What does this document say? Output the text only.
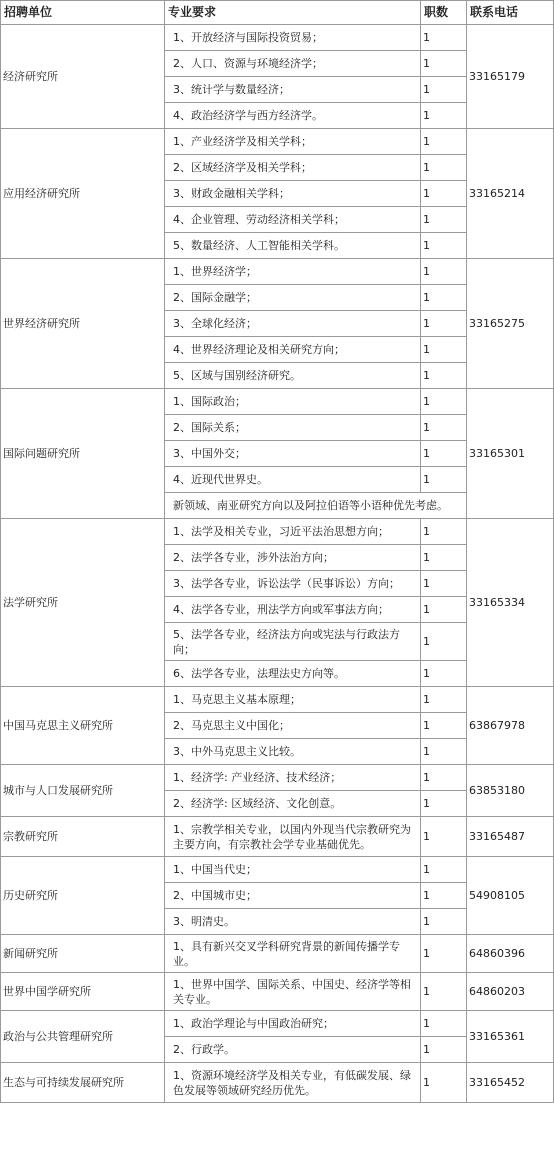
招聘单位	专业要求	职数	联系电话
经济研究所	1、开放经济与国际投资贸易；	1	33165179
	2、人口、资源与环境经济学；	1	
	3、统计学与数量经济；	1	
	4、政治经济学与西方经济学。	1	
应用经济研究所	1、产业经济学及相关学科；	1	33165214
	2、区域经济学及相关学科；	1	
	3、财政金融相关学科；	1	
	4、企业管理、劳动经济相关学科；	1	
	5、数量经济、人工智能相关学科。	1	
世界经济研究所	1、世界经济学；	1	33165275
	2、国际金融学；	1	
	3、全球化经济；	1	
	4、世界经济理论及相关研究方向；	1	
	5、区域与国别经济研究。	1	
国际问题研究所	1、国际政治；	1	33165301
	2、国际关系；	1	
	3、中国外交；	1	
	4、近现代世界史。	1	
	新领域、南亚研究方向以及阿拉伯语等小语种优先考虑。		
法学研究所	1、法学及相关专业，习近平法治思想方向；	1	33165334
	2、法学各专业，涉外法治方向；	1	
	3、法学各专业，诉讼法学（民事诉讼）方向；	1	
	4、法学各专业，刑法学方向或军事法方向；	1	
	5、法学各专业，经济法方向或宪法与行政法方向；	1	
	6、法学各专业，法理法史方向等。	1	
中国马克思主义研究所	1、马克思主义基本原理；	1	63867978
	2、马克思主义中国化；	1	
	3、中外马克思主义比较。	1	
城市与人口发展研究所	1、经济学: 产业经济、技术经济；	1	63853180
	2、经济学: 区域经济、文化创意。	1	
宗教研究所	1、宗教学相关专业，以国内外现当代宗教研究为主要方向，有宗教社会学专业基础优先。	1	33165487
历史研究所	1、中国当代史；	1	54908105
	2、中国城市史；	1	
	3、明清史。	1	
新闻研究所	1、具有新兴交叉学科研究背景的新闻传播学专业。	1	64860396
世界中国学研究所	1、世界中国学、国际关系、中国史、经济学等相关专业。	1	64860203
政治与公共管理研究所	1、政治学理论与中国政治研究；	1	33165361
	2、行政学。	1	
生态与可持续发展研究所	1、资源环境经济学及相关专业，有低碳发展、绿色发展等领域研究经历优先。	1	33165452
